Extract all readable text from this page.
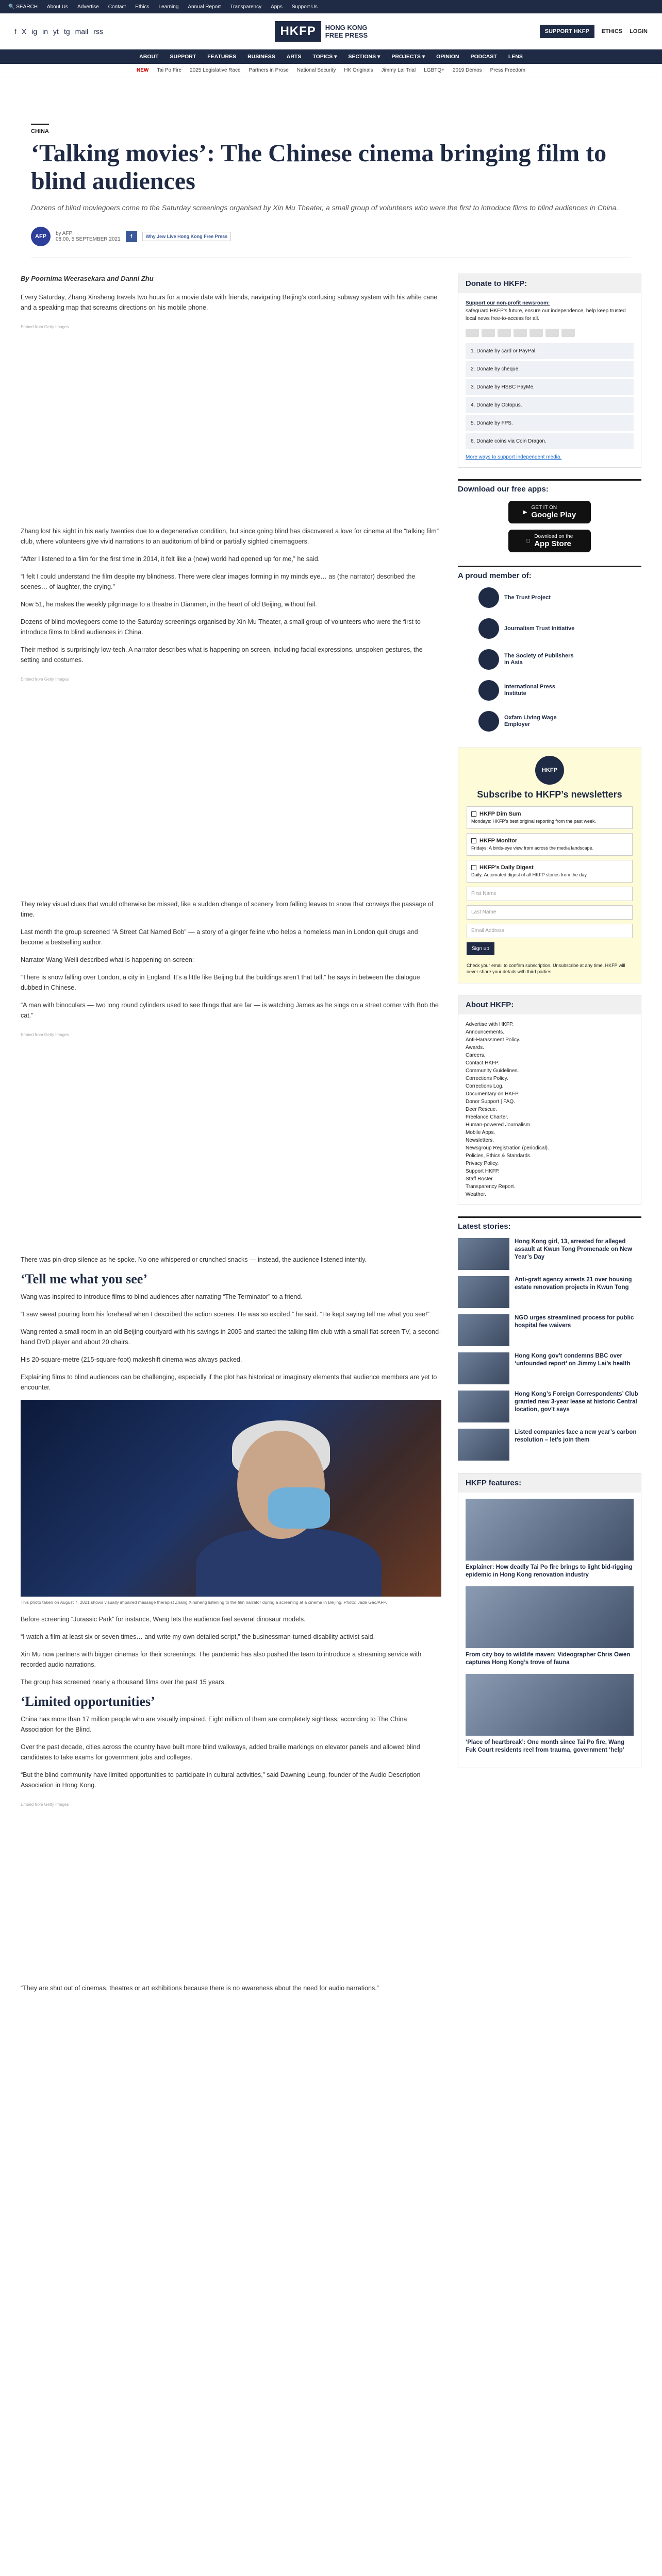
🔍 SEARCH About Us Advertise Contact Ethics Learning Annual Report Transparency Apps Support Us
f X ig in yt tg mail rss	HKFP	HONG KONG
FREE PRESS	SUPPORT HKFP	ETHICS LOGIN
ABOUT SUPPORT FEATURES BUSINESS ARTS TOPICS ▾ SECTIONS ▾ PROJECTS ▾ OPINION PODCAST LENS
NEW Tai Po Fire 2025 Legislative Race Partners in Prose National Security HK Originals Jimmy Lai Trial LGBTQ+ 2019 Demos Press Freedom
CHINA
‘Talking movies’: The Chinese cinema bringing film to blind audiences
Dozens of blind moviegoers come to the Saturday screenings organised by Xin Mu Theater, a small group of volunteers who were the first to introduce films to blind audiences in China.
AFP	by AFP
08:00, 5 SEPTEMBER 2021	f	Why Jew Live Hong Kong Free Press
By Poornima Weerasekara and Danni Zhu

Every Saturday, Zhang Xinsheng travels two hours for a movie date with friends, navigating Beijing’s confusing subway system with his white cane and a speaking map that screams directions on his mobile phone.

Embed from Getty Images

Zhang lost his sight in his early twenties due to a degenerative condition, but since going blind has discovered a love for cinema at the “talking film” club, where volunteers give vivid narrations to an auditorium of blind or partially sighted cinemagoers.

“After I listened to a film for the first time in 2014, it felt like a (new) world had opened up for me,” he said.

“I felt I could understand the film despite my blindness. There were clear images forming in my minds eye… as (the narrator) described the scenes… of laughter, the crying.”

Now 51, he makes the weekly pilgrimage to a theatre in Dianmen, in the heart of old Beijing, without fail.

Dozens of blind moviegoers come to the Saturday screenings organised by Xin Mu Theater, a small group of volunteers who were the first to introduce films to blind audiences in China.

Their method is surprisingly low-tech. A narrator describes what is happening on screen, including facial expressions, unspoken gestures, the setting and costumes.

Embed from Getty Images

They relay visual clues that would otherwise be missed, like a sudden change of scenery from falling leaves to snow that conveys the passage of time.

Last month the group screened “A Street Cat Named Bob” — a story of a ginger feline who helps a homeless man in London quit drugs and become a bestselling author.

Narrator Wang Weili described what is happening on-screen:

“There is snow falling over London, a city in England. It’s a little like Beijing but the buildings aren’t that tall,” he says in between the dialogue dubbed in Chinese.

“A man with binoculars — two long round cylinders used to see things that are far — is watching James as he sings on a street corner with Bob the cat.”

Embed from Getty Images

There was pin-drop silence as he spoke. No one whispered or crunched snacks — instead, the audience listened intently.

‘Tell me what you see’

Wang was inspired to introduce films to blind audiences after narrating “The Terminator” to a friend.

“I saw sweat pouring from his forehead when I described the action scenes. He was so excited,” he said. “He kept saying tell me what you see!”

Wang rented a small room in an old Beijing courtyard with his savings in 2005 and started the talking film club with a small flat-screen TV, a second-hand DVD player and about 20 chairs.

His 20-square-metre (215-square-foot) makeshift cinema was always packed.

Explaining films to blind audiences can be challenging, especially if the plot has historical or imaginary elements that audience members are yet to encounter.

This photo taken on August 7, 2021 shows visually impaired massage therapist Zhang Xinsheng listening to the film narrator during a screening at a cinema in Beijing. Photo: Jade Gao/AFP.

Before screening “Jurassic Park” for instance, Wang lets the audience feel several dinosaur models.

“I watch a film at least six or seven times… and write my own detailed script,” the businessman-turned-disability activist said.

Xin Mu now partners with bigger cinemas for their screenings. The pandemic has also pushed the team to introduce a streaming service with recorded audio narrations.

The group has screened nearly a thousand films over the past 15 years.

‘Limited opportunities’

China has more than 17 million people who are visually impaired. Eight million of them are completely sightless, according to The China Association for the Blind.

Over the past decade, cities across the country have built more blind walkways, added braille markings on elevator panels and allowed blind candidates to take exams for government jobs and colleges.

“But the blind community have limited opportunities to participate in cultural activities,” said Dawning Leung, founder of the Audio Description Association in Hong Kong.

Embed from Getty Images

“They are shut out of cinemas, theatres or art exhibitions because there is no awareness about the need for audio narrations.”

Donate to HKFP:
Support our non-profit newsroom:
safeguard HKFP’s future, ensure our independence, help keep trusted local news free-to-access for all.
1. Donate by card or PayPal.
2. Donate by cheque.
3. Donate by HSBC PayMe.
4. Donate by Octopus.
5. Donate by FPS.
6. Donate coins via Coin Dragon.
More ways to support independent media.
Download our free apps:
▶
GET IT ON
Google Play
Download on the
App Store
A proud member of:
The Trust Project
Journalism Trust Initiative
The Society of Publishers in Asia
International Press Institute
Oxfam Living Wage Employer
HKFP
Subscribe to HKFP’s newsletters
HKFP Dim Sum
Mondays: HKFP’s best original reporting from the past week.
HKFP Monitor
Fridays: A birds-eye view from across the media landscape.
HKFP’s Daily Digest
Daily: Automated digest of all HKFP stories from the day.
First Name
Last Name
Email Address
Sign up
Check your email to confirm subscription. Unsubscribe at any time. HKFP will never share your details with third parties.
About HKFP:
Advertise with HKFP.
Announcements.
Anti-Harassment Policy.
Awards.
Careers.
Contact HKFP.
Community Guidelines.
Corrections Policy.
Corrections Log.
Documentary on HKFP.
Donor Support | FAQ.
Deer Rescue.
Freelance Charter.
Human-powered Journalism.
Mobile Apps.
Newsletters.
Newsgroup Registration (periodical).
Policies, Ethics & Standards.
Privacy Policy.
Support HKFP.
Staff Roster.
Transparency Report.
Weather.
Latest stories:
Hong Kong girl, 13, arrested for alleged assault at Kwun Tong Promenade on New Year’s Day
Anti-graft agency arrests 21 over housing estate renovation projects in Kwun Tong
NGO urges streamlined process for public hospital fee waivers
Hong Kong gov’t condemns BBC over ‘unfounded report’ on Jimmy Lai’s health
Hong Kong’s Foreign Correspondents’ Club granted new 3-year lease at historic Central location, gov’t says
Listed companies face a new year’s carbon resolution – let’s join them
HKFP features:
Explainer: How deadly Tai Po fire brings to light bid-rigging epidemic in Hong Kong renovation industry
From city boy to wildlife maven: Videographer Chris Owen captures Hong Kong’s trove of fauna
‘Place of heartbreak’: One month since Tai Po fire, Wang Fuk Court residents reel from trauma, government ‘help’
